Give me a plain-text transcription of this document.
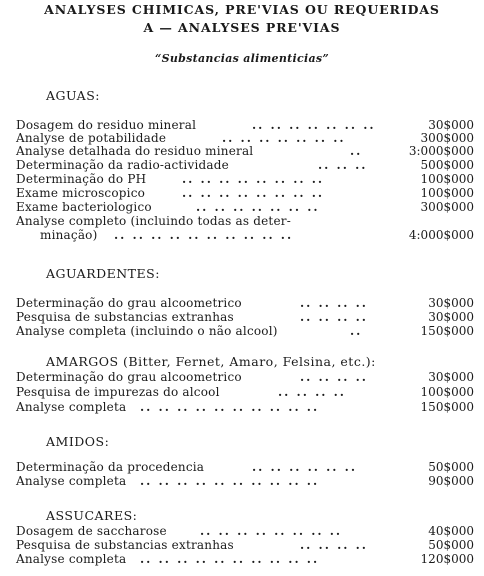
ANALYSES CHIMICAS, PRE'VIAS OU REQUERIDAS
A — ANALYSES PRE'VIAS
“Substancias alimenticias”
AGUAS:
Dosagem do residuo mineral	.. .. .. .. .. .. ..	30$000
Analyse de potabilidade	.. .. .. .. .. .. ..	300$000
Analyse detalhada do residuo mineral	..	3:000$000
Determinação da radio-actividade	.. .. ..	500$000
Determinação do PH	.. .. .. .. .. .. .. ..	100$000
Exame microscopico	.. .. .. .. .. .. .. ..	100$000
Exame bacteriologico	.. .. .. .. .. .. ..	300$000
Analyse completo (incluindo todas as deter-
minação) .. .. .. .. .. .. .. .. .. ..	4:000$000
AGUARDENTES:
Determinação do grau alcoometrico	.. .. .. ..	30$000
Pesquisa de substancias extranhas	.. .. .. ..	30$000
Analyse completa (incluindo o não alcool)	..	150$000
AMARGOS (Bitter, Fernet, Amaro, Felsina, etc.):
Determinação do grau alcoometrico	.. .. .. ..	30$000
Pesquisa de impurezas do alcool	.. .. .. ..	100$000
Analyse completa .. .. .. .. .. .. .. .. .. ..	150$000
AMIDOS:
Determinação da procedencia	.. .. .. .. .. ..	50$000
Analyse completa .. .. .. .. .. .. .. .. .. ..	90$000
ASSUCARES:
Dosagem de saccharose	.. .. .. .. .. .. .. ..	40$000
Pesquisa de substancias extranhas	.. .. .. ..	50$000
Analyse completa .. .. .. .. .. .. .. .. .. ..	120$000
